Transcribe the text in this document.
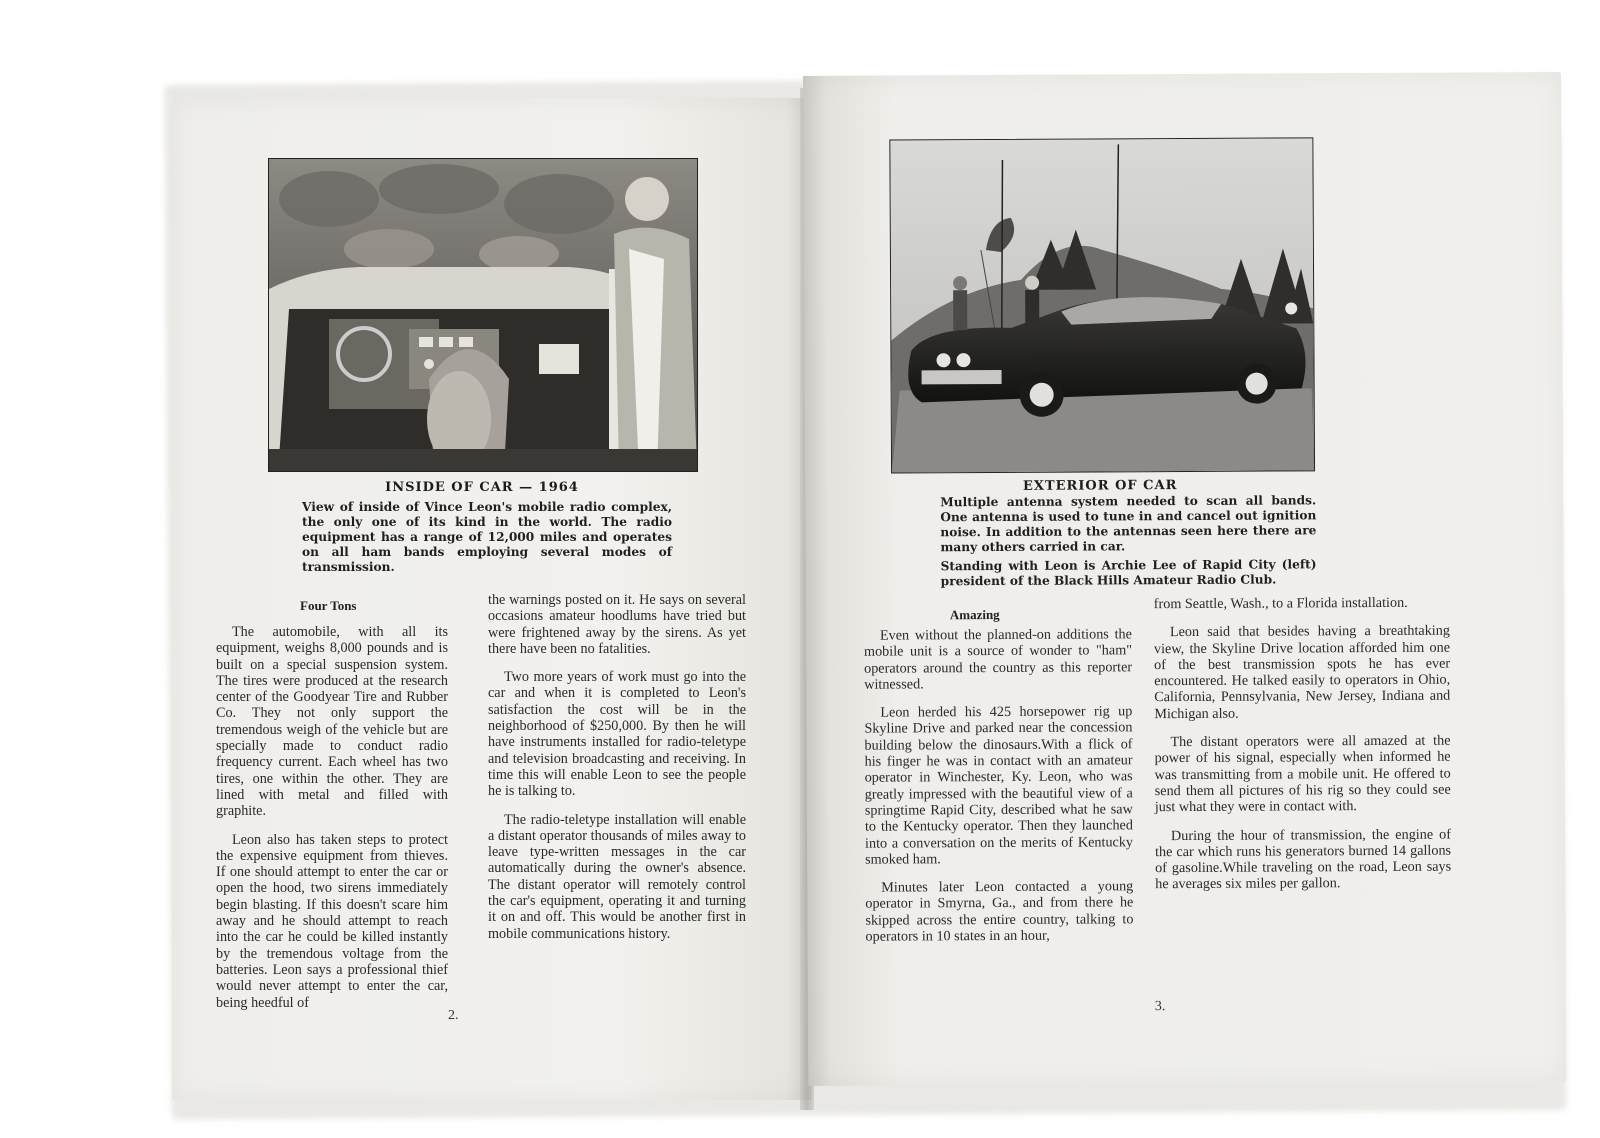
INSIDE OF CAR — 1964
View of inside of Vince Leon's mobile radio complex, the only one of its kind in the world. The radio equipment has a range of 12,000 miles and operates on all ham bands employing several modes of transmission.
Four Tons

The automobile, with all its equipment, weighs 8,000 pounds and is built on a special suspension system. The tires were produced at the research center of the Goodyear Tire and Rubber Co. They not only support the tremendous weigh of the vehicle but are specially made to conduct radio frequency current. Each wheel has two tires, one within the other. They are lined with metal and filled with graphite.

Leon also has taken steps to protect the expensive equipment from thieves. If one should attempt to enter the car or open the hood, two sirens immediately begin blasting. If this doesn't scare him away and he should attempt to reach into the car he could be killed instantly by the tremendous voltage from the batteries. Leon says a professional thief would never attempt to enter the car, being heedful of

the warnings posted on it. He says on several occasions amateur hoodlums have tried but were frightened away by the sirens. As yet there have been no fatalities.

Two more years of work must go into the car and when it is completed to Leon's satisfaction the cost will be in the neighborhood of $250,000. By then he will have instruments installed for radio-teletype and television broadcasting and receiving. In time this will enable Leon to see the people he is talking to.

The radio-teletype installation will enable a distant operator thousands of miles away to leave type-written messages in the car automatically during the owner's absence. The distant operator will remotely control the car's equipment, operating it and turning it on and off. This would be another first in mobile communications history.

2.
EXTERIOR OF CAR

Multiple antenna system needed to scan all bands. One antenna is used to tune in and cancel out ignition noise. In addition to the antennas seen here there are many others carried in car.

Standing with Leon is Archie Lee of Rapid City (left) president of the Black Hills Amateur Radio Club.

Amazing

Even without the planned-on additions the mobile unit is a source of wonder to "ham" operators around the country as this reporter witnessed.

Leon herded his 425 horsepower rig up Skyline Drive and parked near the concession building below the dinosaurs.With a flick of his finger he was in contact with an amateur operator in Winchester, Ky. Leon, who was greatly impressed with the beautiful view of a springtime Rapid City, described what he saw to the Kentucky operator. Then they launched into a conversation on the merits of Kentucky smoked ham.

Minutes later Leon contacted a young operator in Smyrna, Ga., and from there he skipped across the entire country, talking to operators in 10 states in an hour,

from Seattle, Wash., to a Florida installation.

Leon said that besides having a breathtaking view, the Skyline Drive location afforded him one of the best transmission spots he has ever encountered. He talked easily to operators in Ohio, California, Pennsylvania, New Jersey, Indiana and Michigan also.

The distant operators were all amazed at the power of his signal, especially when informed he was transmitting from a mobile unit. He offered to send them all pictures of his rig so they could see just what they were in contact with.

During the hour of transmission, the engine of the car which runs his generators burned 14 gallons of gasoline.While traveling on the road, Leon says he averages six miles per gallon.

3.
